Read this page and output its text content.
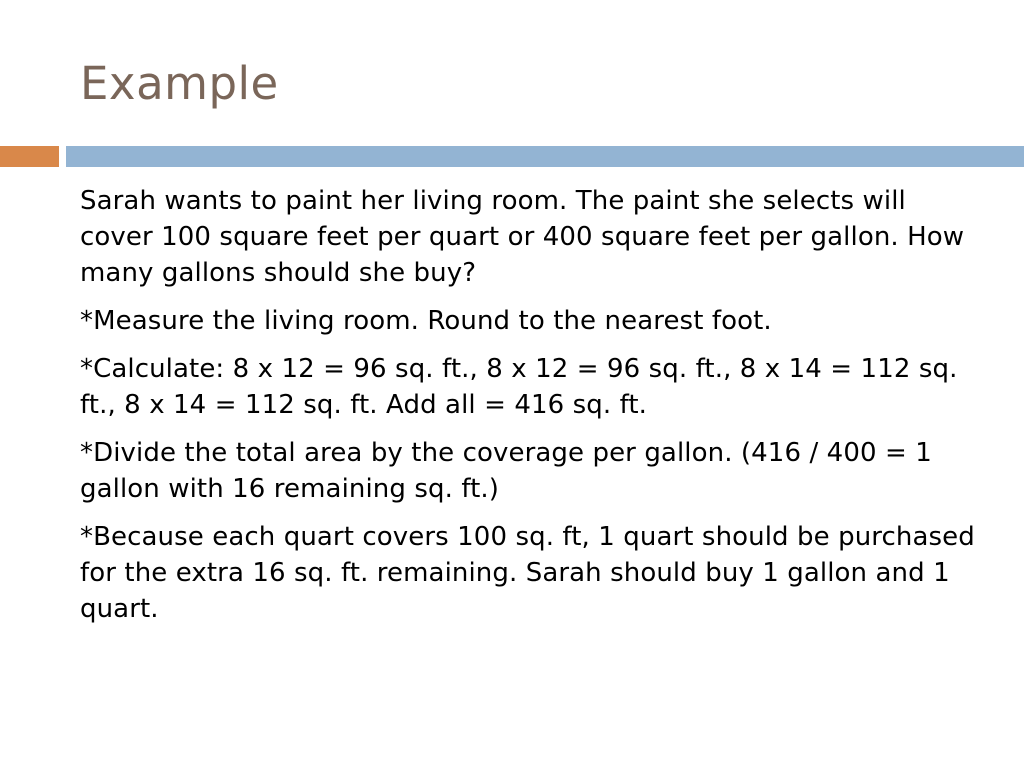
Example
Sarah wants to paint her living room. The paint she selects will cover 100 square feet per quart or 400 square feet per gallon. How many gallons should she buy?
*Measure the living room. Round to the nearest foot.
*Calculate: 8 x 12 = 96 sq. ft., 8 x 12 = 96 sq. ft., 8 x 14 = 112 sq. ft., 8 x 14 = 112 sq. ft. Add all = 416 sq. ft.
*Divide the total area by the coverage per gallon. (416 / 400 = 1 gallon with 16 remaining sq. ft.)
*Because each quart covers 100 sq. ft, 1 quart should be purchased for the extra 16 sq. ft. remaining. Sarah should buy 1 gallon and 1 quart.
